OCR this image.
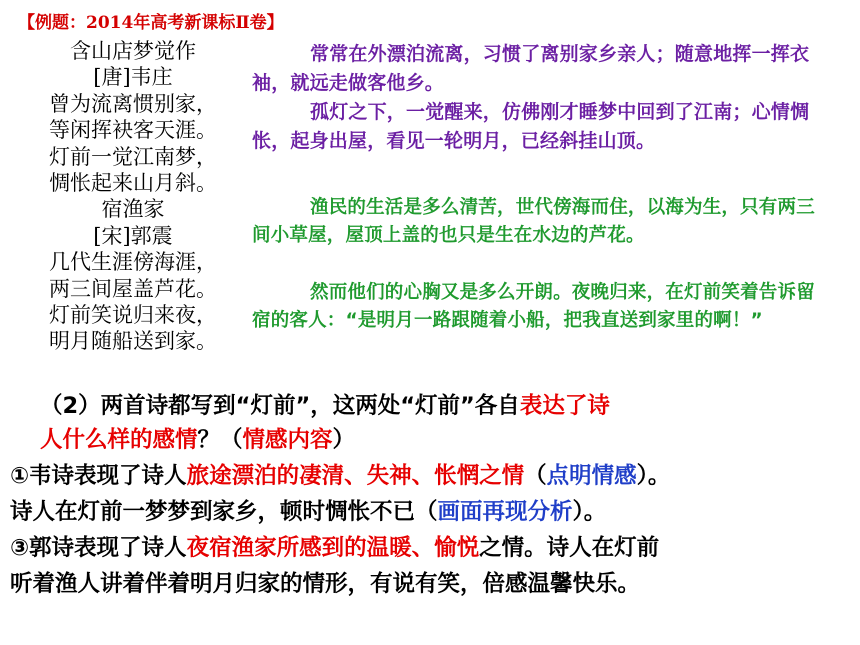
【例题：2014年高考新课标Ⅱ卷】
含山店梦觉作
[唐]韦庄
曾为流离惯别家，
等闲挥袂客天涯。
灯前一觉江南梦，
惆怅起来山月斜。
宿渔家
[宋]郭震
几代生涯傍海涯，
两三间屋盖芦花。
灯前笑说归来夜，
明月随船送到家。
常常在外漂泊流离，习惯了离别家乡亲人；随意地挥一挥衣袖，就远走做客他乡。
孤灯之下，一觉醒来，仿佛刚才睡梦中回到了江南；心情惆怅，起身出屋，看见一轮明月，已经斜挂山顶。
渔民的生活是多么清苦，世代傍海而住，以海为生，只有两三间小草屋，屋顶上盖的也只是生在水边的芦花。
然而他们的心胸又是多么开朗。夜晚归来，在灯前笑着告诉留宿的客人：“是明月一路跟随着小船，把我直送到家里的啊！”
（2）两首诗都写到“灯前”，这两处“灯前”各自表达了诗
人什么样的感情？（情感内容）
①韦诗表现了诗人旅途漂泊的凄清、失神、怅惘之情（点明情感）。
诗人在灯前一梦梦到家乡，顿时惆怅不已（画面再现分析）。
③郭诗表现了诗人夜宿渔家所感到的温暖、愉悦之情。诗人在灯前
听着渔人讲着伴着明月归家的情形，有说有笑，倍感温馨快乐。
